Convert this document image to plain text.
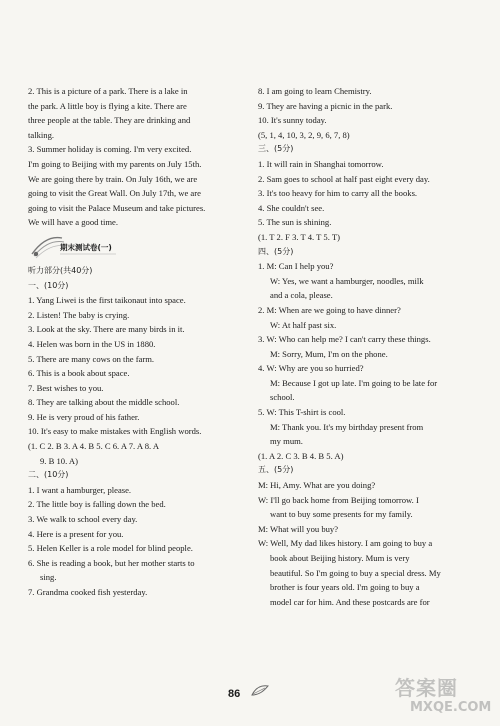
2. This is a picture of a park. There is a lake in
the park. A little boy is flying a kite. There are
three people at the table. They are drinking and
talking.
3. Summer holiday is coming. I'm very excited.
I'm going to Beijing with my parents on July 15th.
We are going there by train. On July 16th, we are
going to visit the Great Wall. On July 17th, we are
going to visit the Palace Museum and take pictures.
We will have a good time.
期末测试卷(一)
听力部分(共40分)
一、(10分)
1. Yang Liwei is the first taikonaut into space.
2. Listen! The baby is crying.
3. Look at the sky. There are many birds in it.
4. Helen was born in the US in 1880.
5. There are many cows on the farm.
6. This is a book about space.
7. Best wishes to you.
8. They are talking about the middle school.
9. He is very proud of his father.
10. It's easy to make mistakes with English words.
(1. C 2. B 3. A 4. B 5. C 6. A 7. A 8. A
9. B 10. A)
二、(10分)
1. I want a hamburger, please.
2. The little boy is falling down the bed.
3. We walk to school every day.
4. Here is a present for you.
5. Helen Keller is a role model for blind people.
6. She is reading a book, but her mother starts to
sing.
7. Grandma cooked fish yesterday.
8. I am going to learn Chemistry.
9. They are having a picnic in the park.
10. It's sunny today.
(5, 1, 4, 10, 3, 2, 9, 6, 7, 8)
三、(5分)
1. It will rain in Shanghai tomorrow.
2. Sam goes to school at half past eight every day.
3. It's too heavy for him to carry all the books.
4. She couldn't see.
5. The sun is shining.
(1. T 2. F 3. T 4. T 5. T)
四、(5分)
1. M: Can I help you?
W: Yes, we want a hamburger, noodles, milk
and a cola, please.
2. M: When are we going to have dinner?
W: At half past six.
3. W: Who can help me? I can't carry these things.
M: Sorry, Mum, I'm on the phone.
4. W: Why are you so hurried?
M: Because I got up late. I'm going to be late for
school.
5. W: This T-shirt is cool.
M: Thank you. It's my birthday present from
my mum.
(1. A 2. C 3. B 4. B 5. A)
五、(5分)
M: Hi, Amy. What are you doing?
W: I'll go back home from Beijing tomorrow. I
want to buy some presents for my family.
M: What will you buy?
W: Well, My dad likes history. I am going to buy a
book about Beijing history. Mum is very
beautiful. So I'm going to buy a special dress. My
brother is four years old. I'm going to buy a
model car for him. And these postcards are for
86	答案圈
MXQE.COM
